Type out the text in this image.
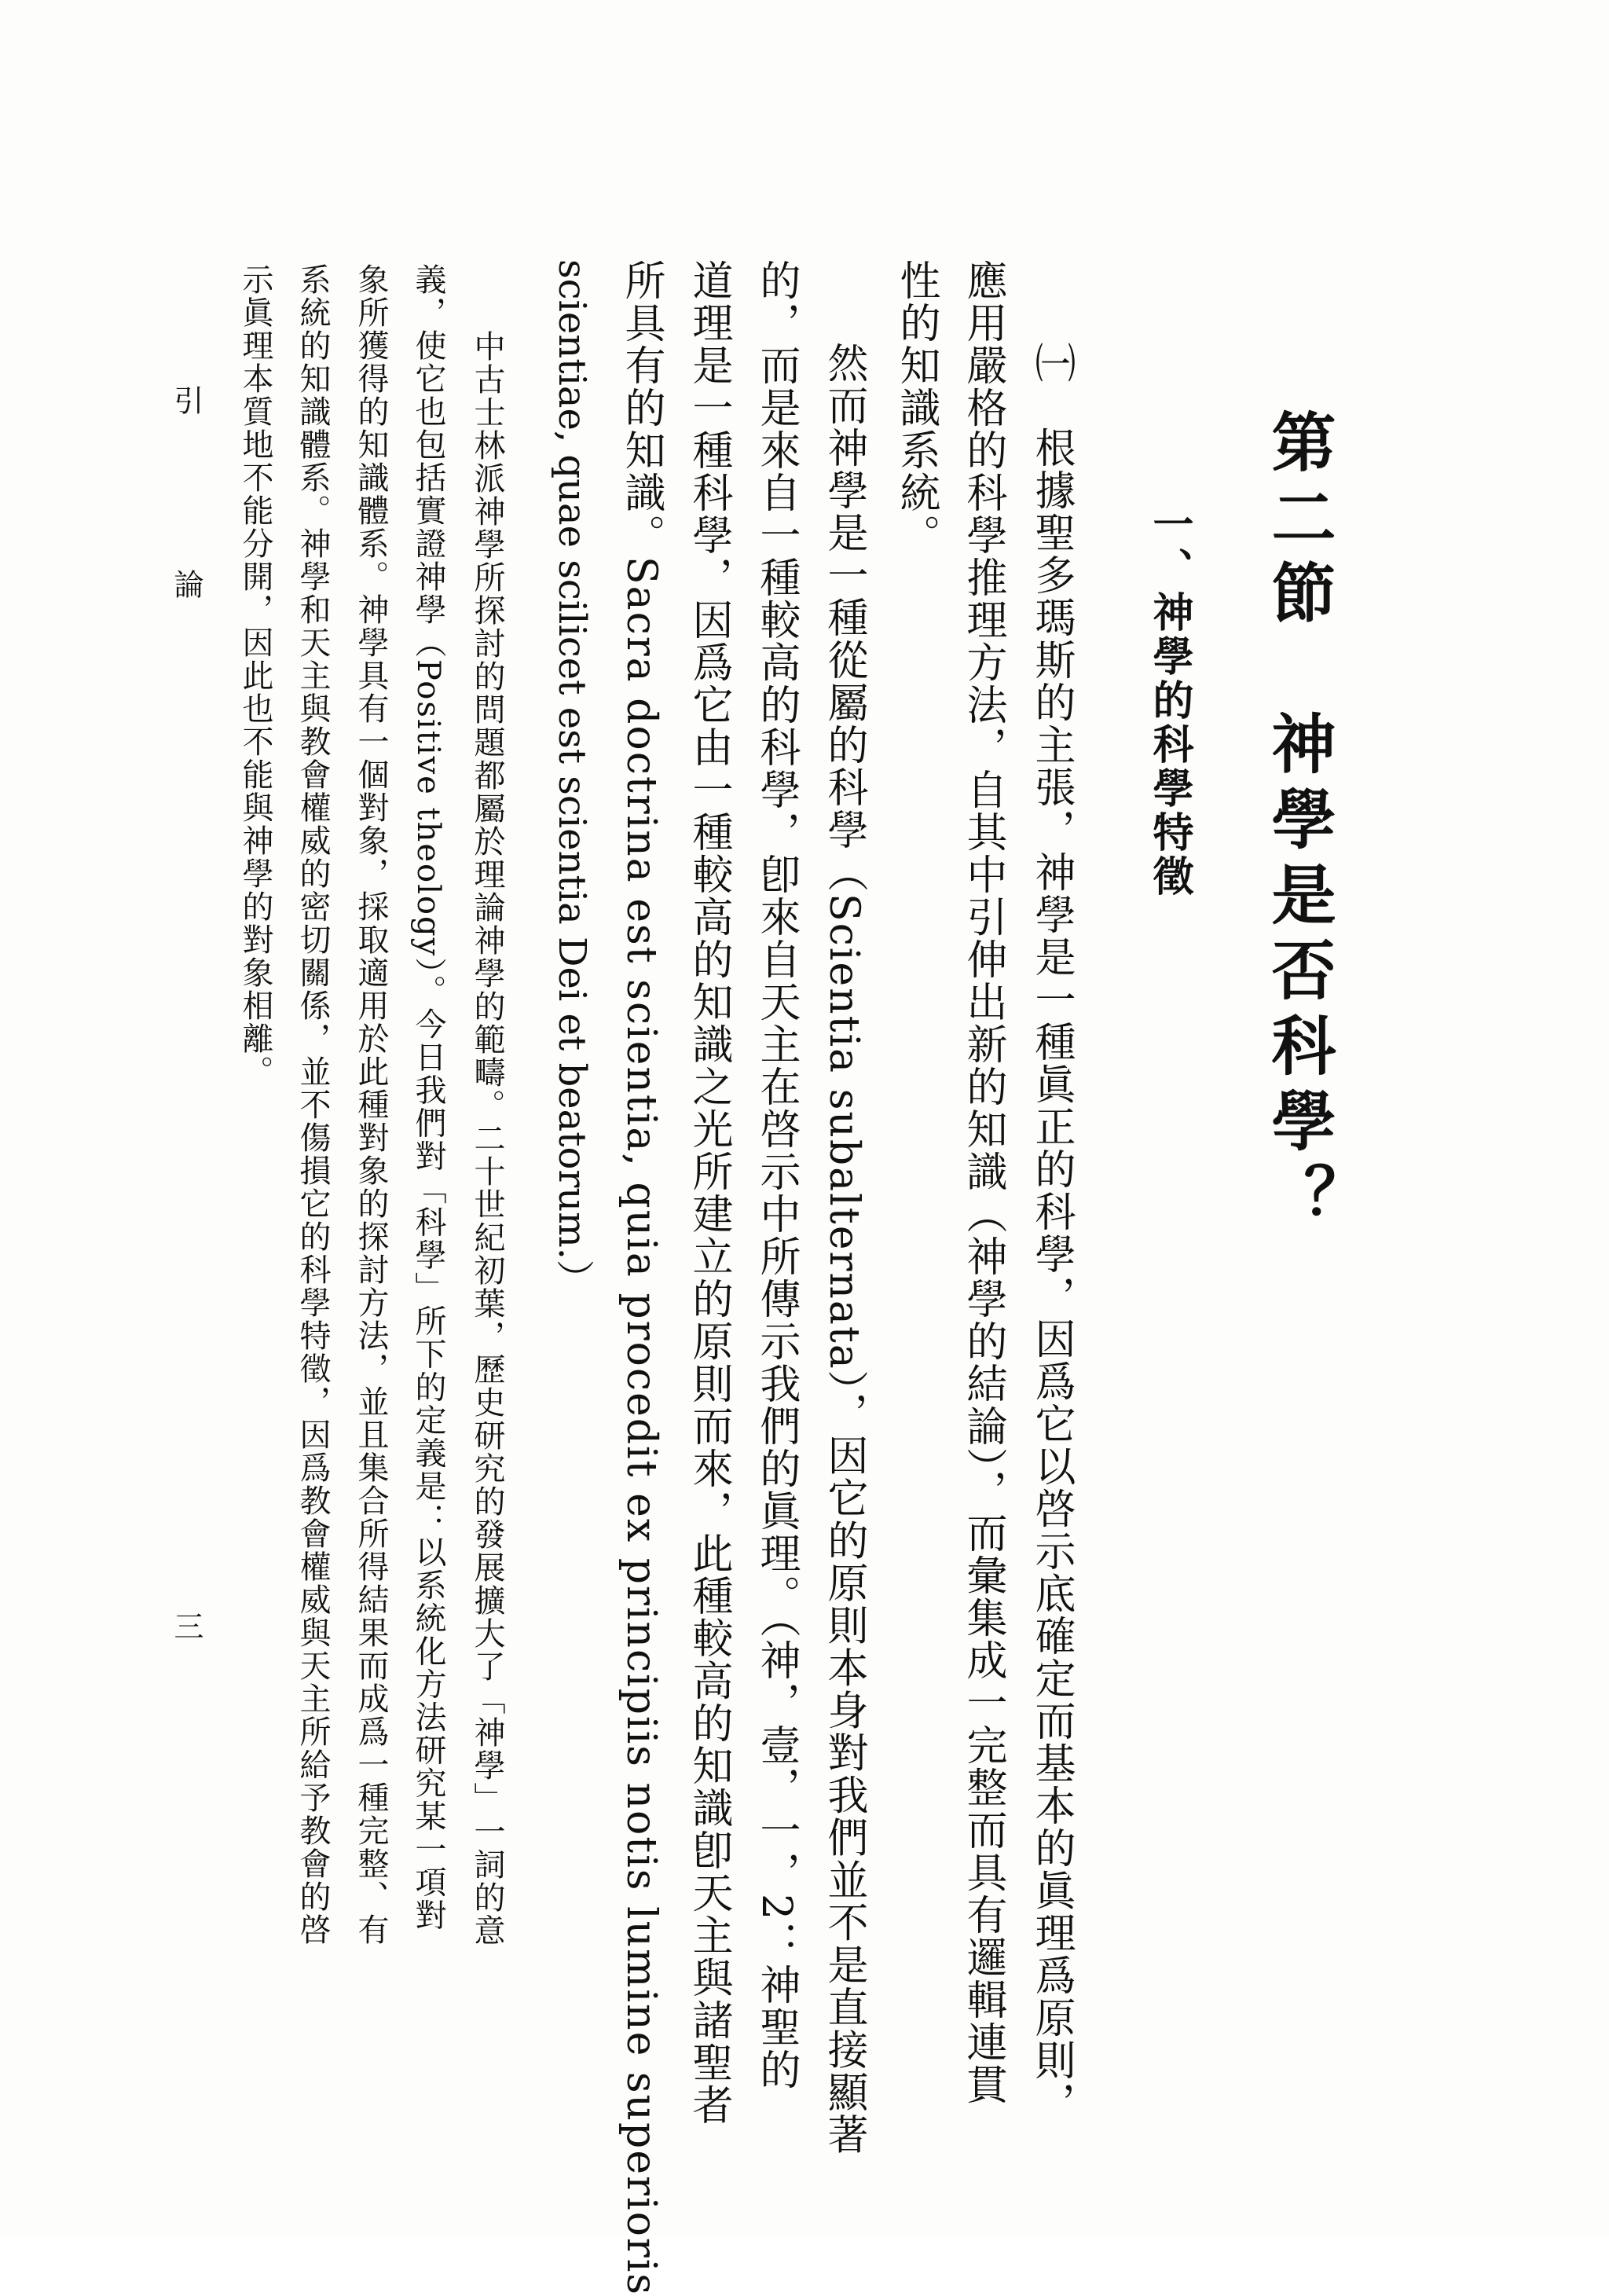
第二節　神學是否科學？
一、神學的科學特徵
㈠　根據聖多瑪斯的主張，神學是一種眞正的科學，因爲它以啓示底確定而基本的眞理爲原則，
應用嚴格的科學推理方法，自其中引伸出新的知識（神學的結論），而彙集成一完整而具有邏輯連貫
性的知識系統。
然而神學是一種從屬的科學（Scientia subalternata），因它的原則本身對我們並不是直接顯著
的，而是來自一種較高的科學，卽來自天主在啓示中所傳示我們的眞理。（神，壹，一，2：神聖的
道理是一種科學，因爲它由一種較高的知識之光所建立的原則而來，此種較高的知識卽天主與諸聖者
所具有的知識。Sacra doctrina est scientia, quia procedit ex principiis notis lumine superioris
scientiae, quae scilicet est scientia Dei et beatorum.）
中古士林派神學所探討的問題都屬於理論神學的範疇。二十世紀初葉，歷史研究的發展擴大了「神學」一詞的意
義，使它也包括實證神學（Positive theology）。今日我們對「科學」所下的定義是：以系統化方法研究某一項對
象所獲得的知識體系。神學具有一個對象，採取適用於此種對象的探討方法，並且集合所得結果而成爲一種完整、有
系統的知識體系。神學和天主與教會權威的密切關係，並不傷損它的科學特徵，因爲教會權威與天主所給予教會的啓
示眞理本質地不能分開，因此也不能與神學的對象相離。
引　　論
三
